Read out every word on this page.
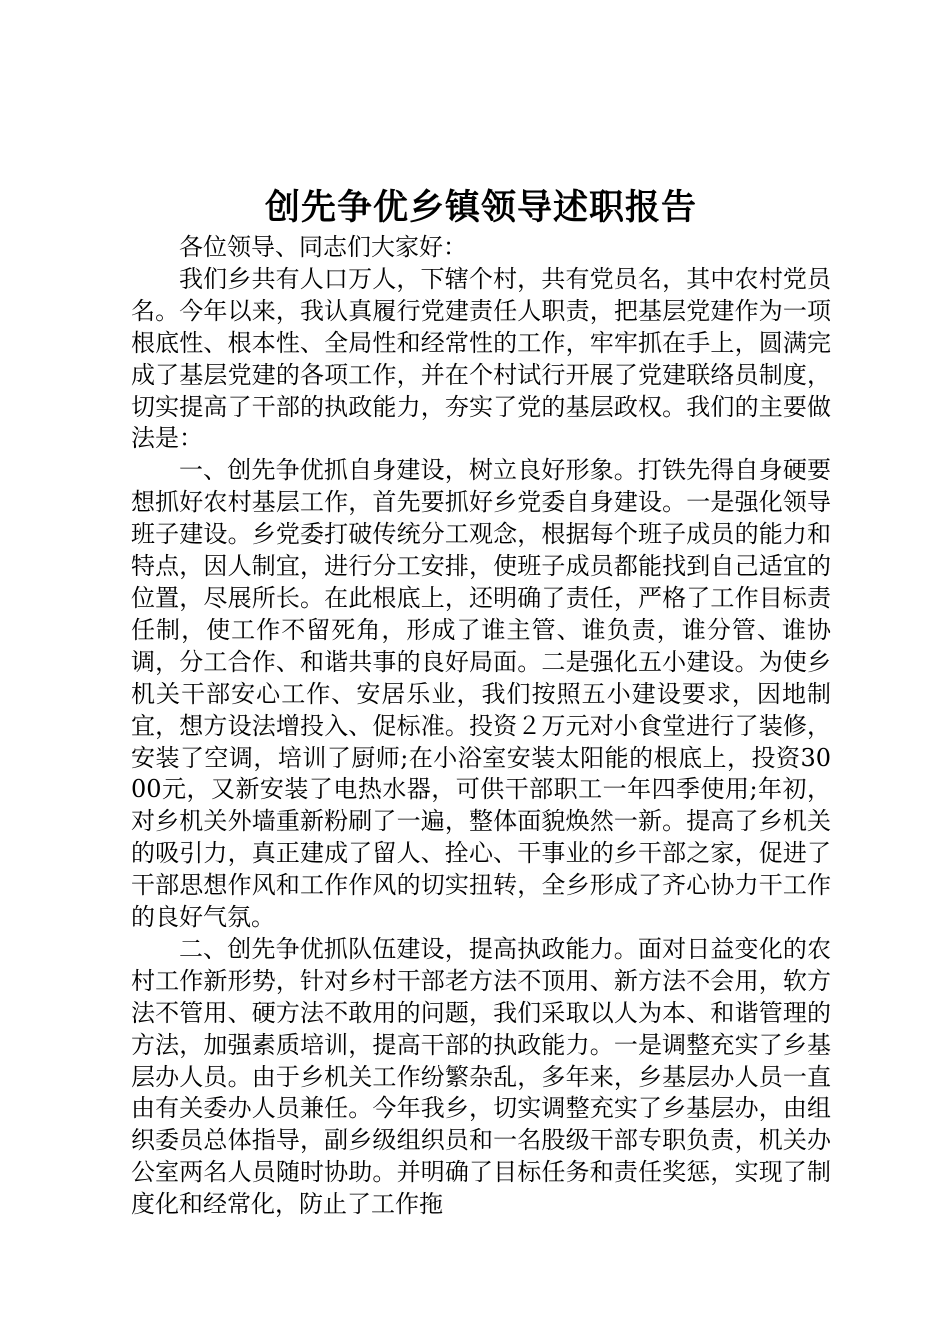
创先争优乡镇领导述职报告

各位领导、同志们大家好：

我们乡共有人口万人，下辖个村，共有党员名，其中农村党员名。今年以来，我认真履行党建责任人职责，把基层党建作为一项根底性、根本性、全局性和经常性的工作，牢牢抓在手上，圆满完成了基层党建的各项工作，并在个村试行开展了党建联络员制度，切实提高了干部的执政能力，夯实了党的基层政权。我们的主要做法是：

一、创先争优抓自身建设，树立良好形象。打铁先得自身硬要想抓好农村基层工作，首先要抓好乡党委自身建设。一是强化领导班子建设。乡党委打破传统分工观念，根据每个班子成员的能力和特点，因人制宜，进行分工安排，使班子成员都能找到自己适宜的位置，尽展所长。在此根底上，还明确了责任，严格了工作目标责任制，使工作不留死角，形成了谁主管、谁负责，谁分管、谁协调，分工合作、和谐共事的良好局面。二是强化五小建设。为使乡机关干部安心工作、安居乐业，我们按照五小建设要求，因地制宜，想方设法增投入、促标准。投资２万元对小食堂进行了装修，安装了空调，培训了厨师;在小浴室安装太阳能的根底上，投资3000元，又新安装了电热水器，可供干部职工一年四季使用;年初，对乡机关外墙重新粉刷了一遍，整体面貌焕然一新。提高了乡机关的吸引力，真正建成了留人、拴心、干事业的乡干部之家，促进了干部思想作风和工作作风的切实扭转，全乡形成了齐心协力干工作的良好气氛。

二、创先争优抓队伍建设，提高执政能力。面对日益变化的农村工作新形势，针对乡村干部老方法不顶用、新方法不会用，软方法不管用、硬方法不敢用的问题，我们采取以人为本、和谐管理的方法，加强素质培训，提高干部的执政能力。一是调整充实了乡基层办人员。由于乡机关工作纷繁杂乱，多年来，乡基层办人员一直由有关委办人员兼任。今年我乡，切实调整充实了乡基层办，由组织委员总体指导，副乡级组织员和一名股级干部专职负责，机关办公室两名人员随时协助。并明确了目标任务和责任奖惩，实现了制度化和经常化，防止了工作拖
